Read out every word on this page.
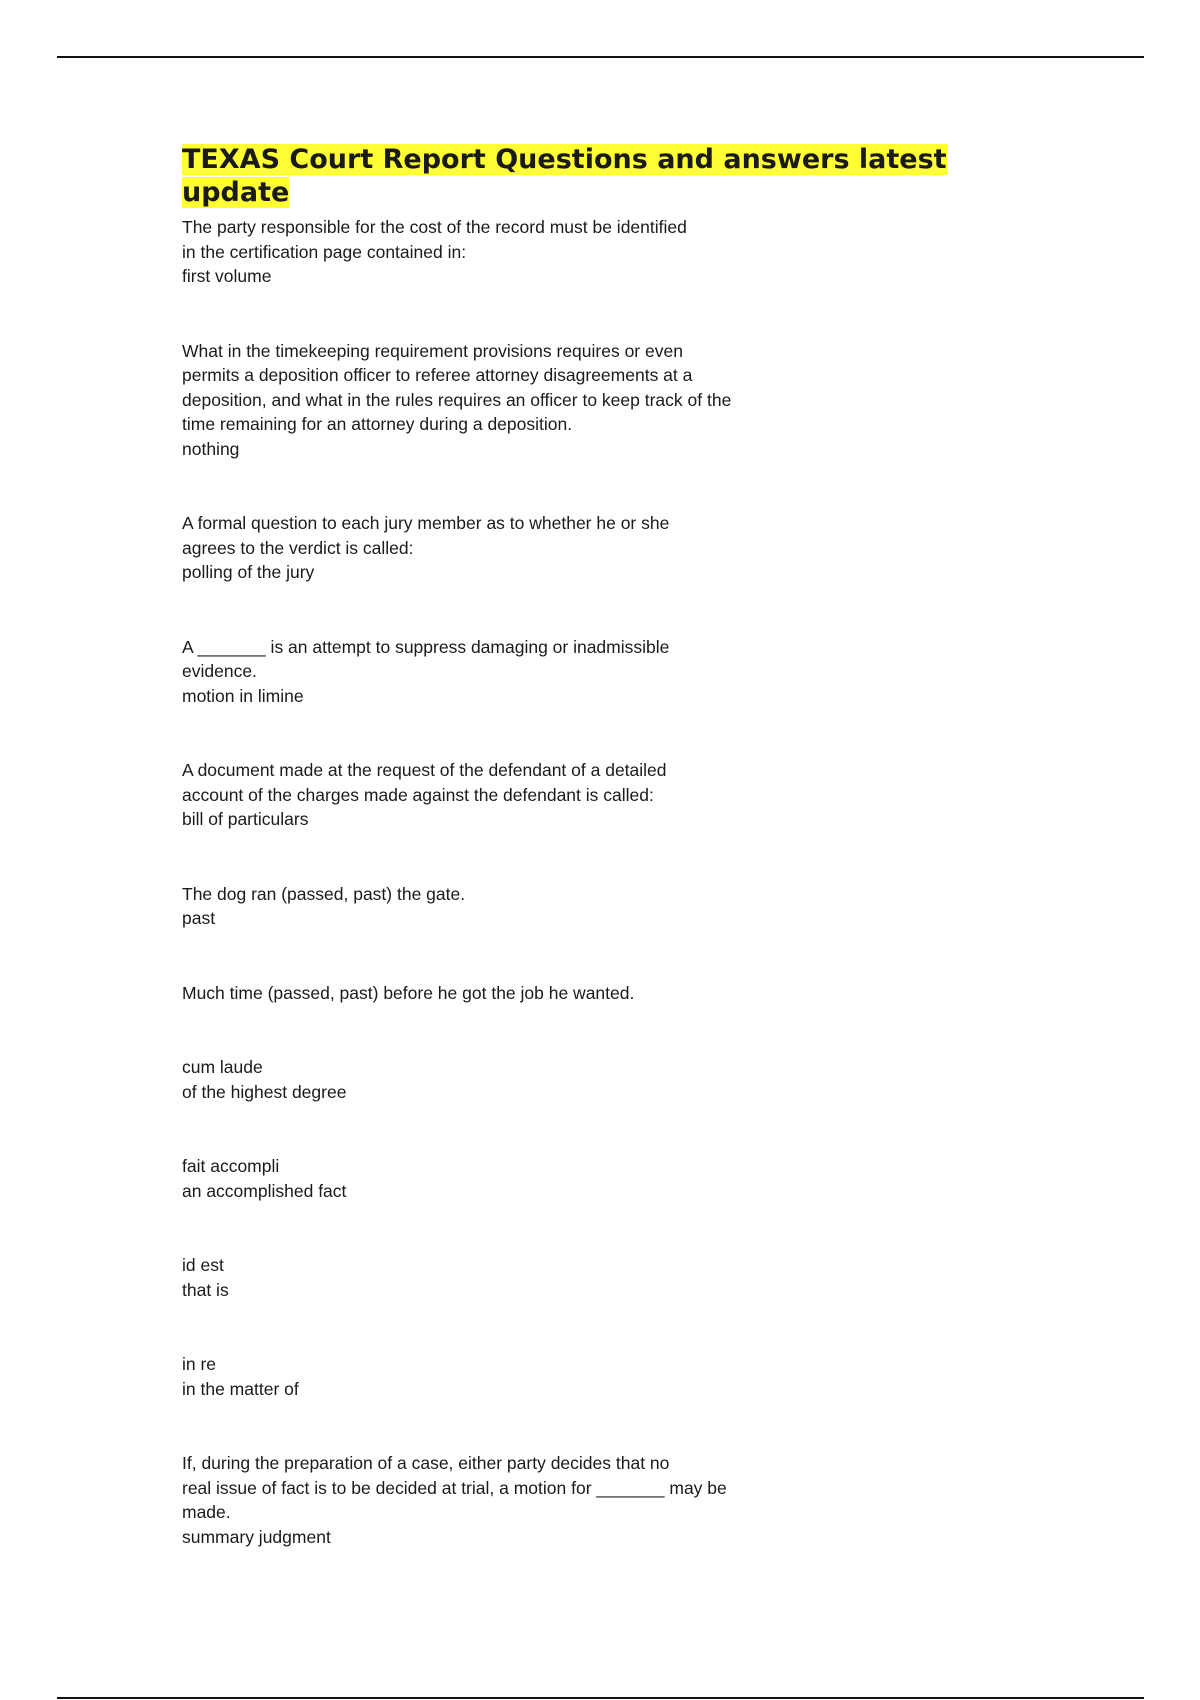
TEXAS Court Report Questions and answers latest update

The party responsible for the cost of the record must be identified
in the certification page contained in:

first volume

What in the timekeeping requirement provisions requires or even
permits a deposition officer to referee attorney disagreements at a
deposition, and what in the rules requires an officer to keep track of the
time remaining for an attorney during a deposition.

nothing

A formal question to each jury member as to whether he or she
agrees to the verdict is called:

polling of the jury

A _______ is an attempt to suppress damaging or inadmissible
evidence.

motion in limine

A document made at the request of the defendant of a detailed
account of the charges made against the defendant is called:

bill of particulars

The dog ran (passed, past) the gate.

past

Much time (passed, past) before he got the job he wanted.

cum laude

of the highest degree

fait accompli

an accomplished fact

id est

that is

in re

in the matter of

If, during the preparation of a case, either party decides that no
real issue of fact is to be decided at trial, a motion for _______ may be
made.

summary judgment
